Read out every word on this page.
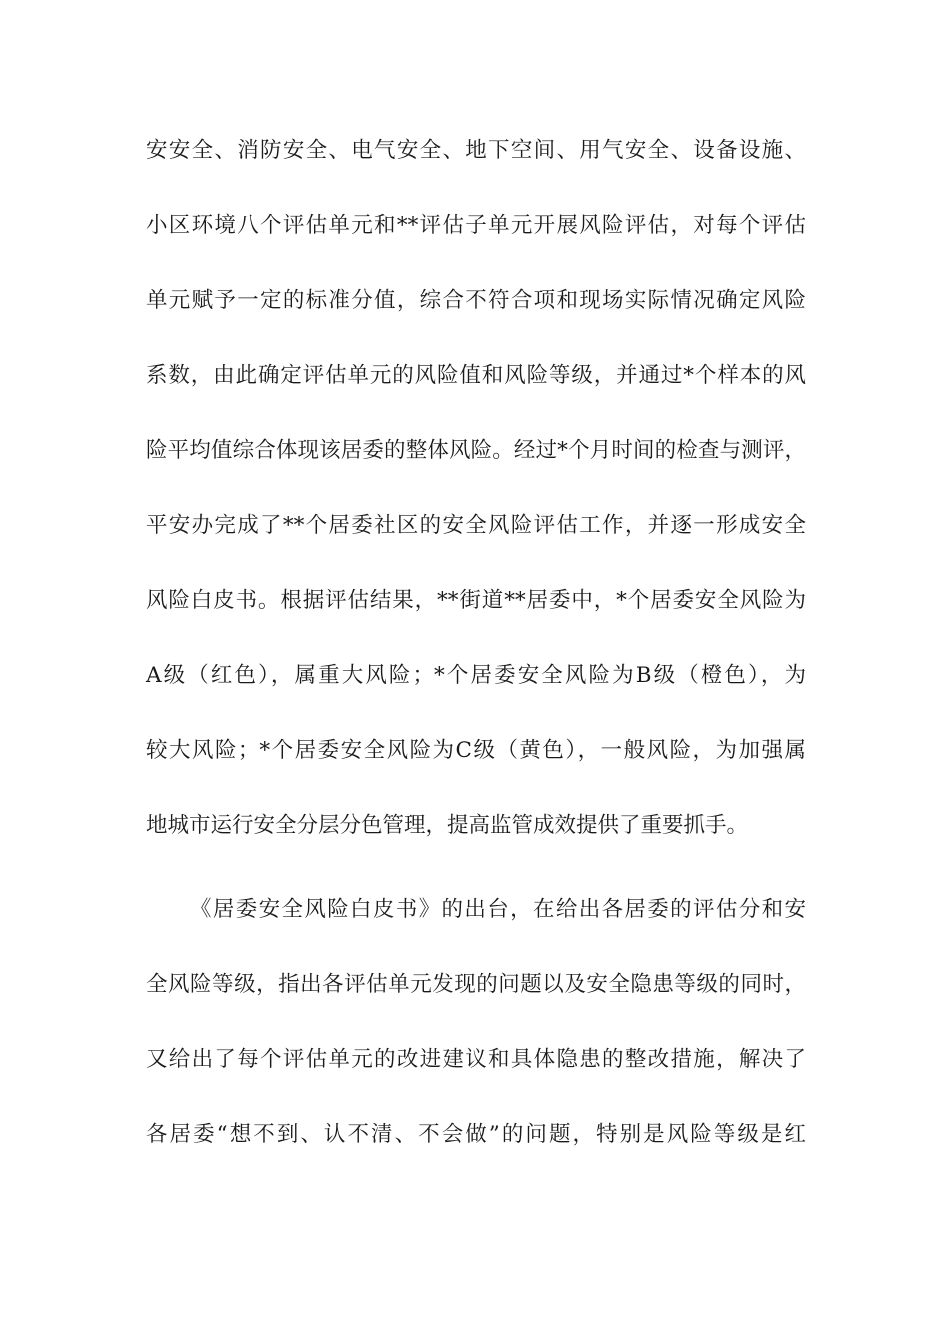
安安全、消防安全、电气安全、地下空间、用气安全、设备设施、
小区环境八个评估单元和**评估子单元开展风险评估，对每个评估
单元赋予一定的标准分值，综合不符合项和现场实际情况确定风险
系数，由此确定评估单元的风险值和风险等级，并通过*个样本的风
险平均值综合体现该居委的整体风险。经过*个月时间的检查与测评，
平安办完成了**个居委社区的安全风险评估工作，并逐一形成安全
风险白皮书。根据评估结果，**街道**居委中，*个居委安全风险为
A级（红色），属重大风险；*个居委安全风险为B级（橙色），为
较大风险；*个居委安全风险为C级（黄色），一般风险，为加强属
地城市运行安全分层分色管理，提高监管成效提供了重要抓手。
《居委安全风险白皮书》的出台，在给出各居委的评估分和安
全风险等级，指出各评估单元发现的问题以及安全隐患等级的同时，
又给出了每个评估单元的改进建议和具体隐患的整改措施，解决了
各居委“想不到、认不清、不会做”的问题，特别是风险等级是红
